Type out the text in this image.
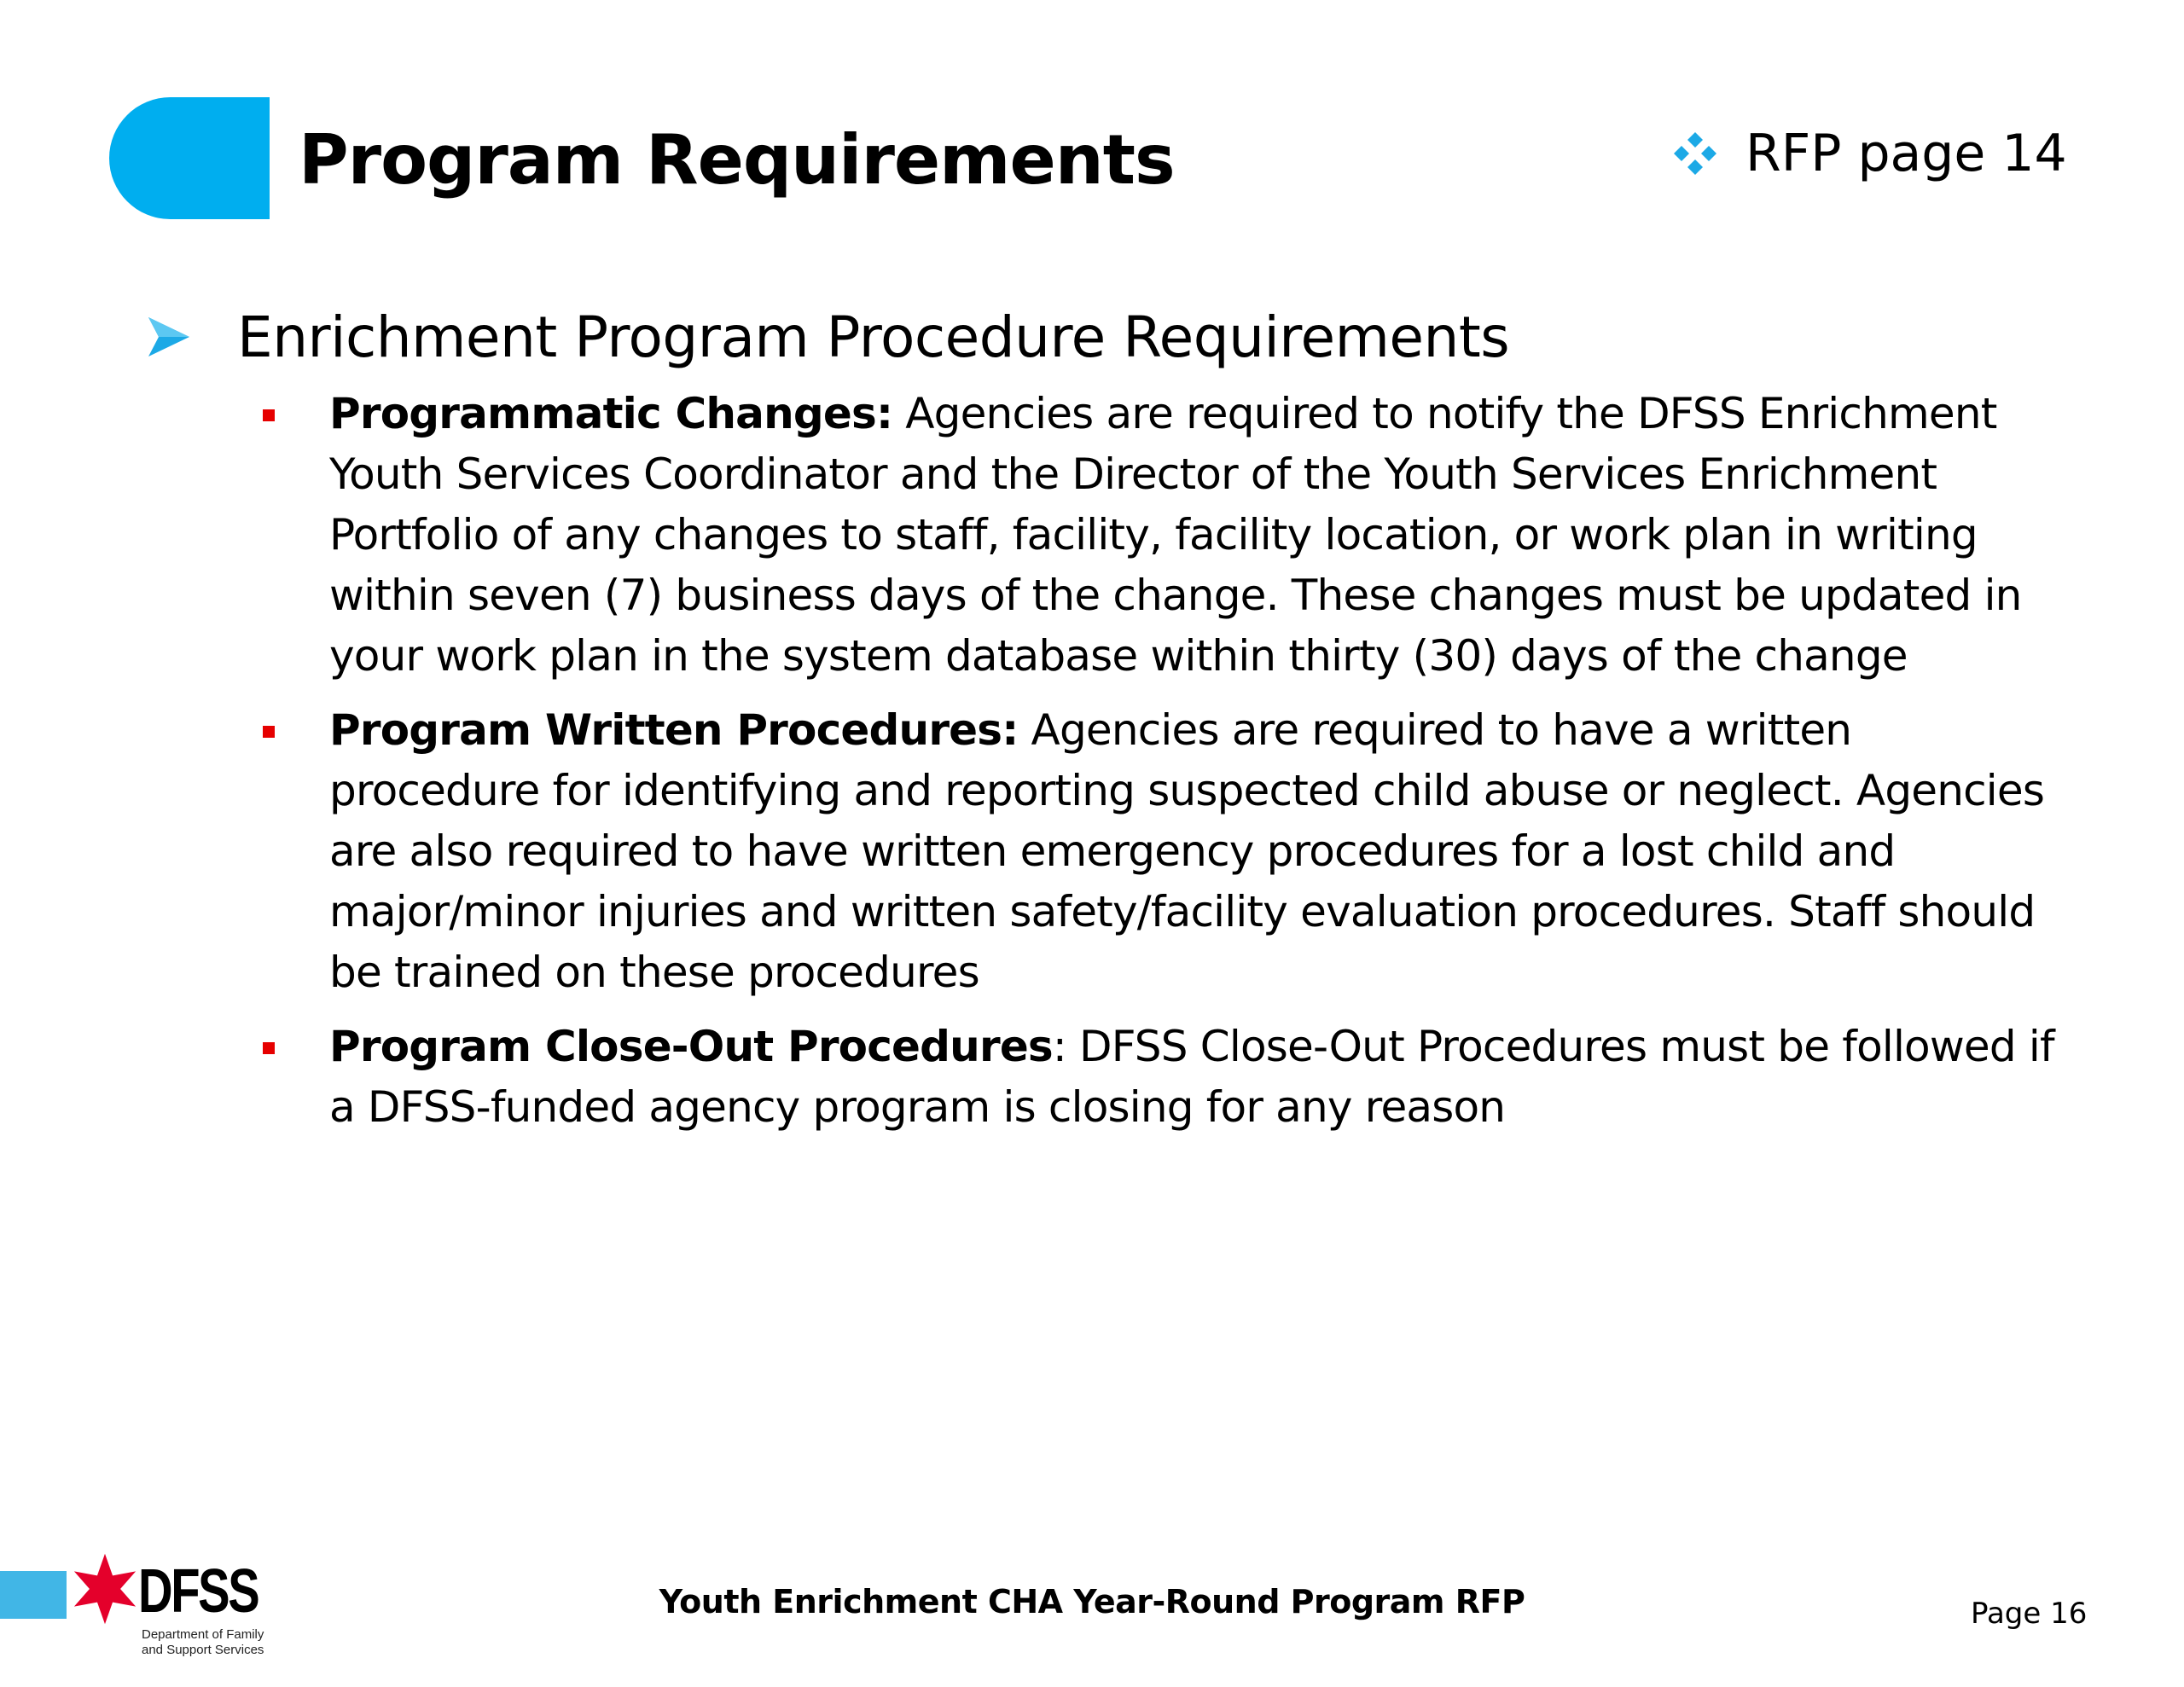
Program Requirements	RFP page 14
Enrichment Program Procedure Requirements
Programmatic Changes: Agencies are required to notify the DFSS Enrichment Youth Services Coordinator and the Director of the Youth Services Enrichment Portfolio of any changes to staff, facility, facility location, or work plan in writing within seven (7) business days of the change. These changes must be updated in your work plan in the system database within thirty (30) days of the change
Program Written Procedures: Agencies are required to have a written procedure for identifying and reporting suspected child abuse or neglect. Agencies are also required to have written emergency procedures for a lost child and major/minor injuries and written safety/facility evaluation procedures. Staff should be trained on these procedures
Program Close-Out Procedures: DFSS Close-Out Procedures must be followed if a DFSS-funded agency program is closing for any reason
DFSS
Department of Family
and Support Services
Youth Enrichment CHA Year-Round Program RFP	Page 16
